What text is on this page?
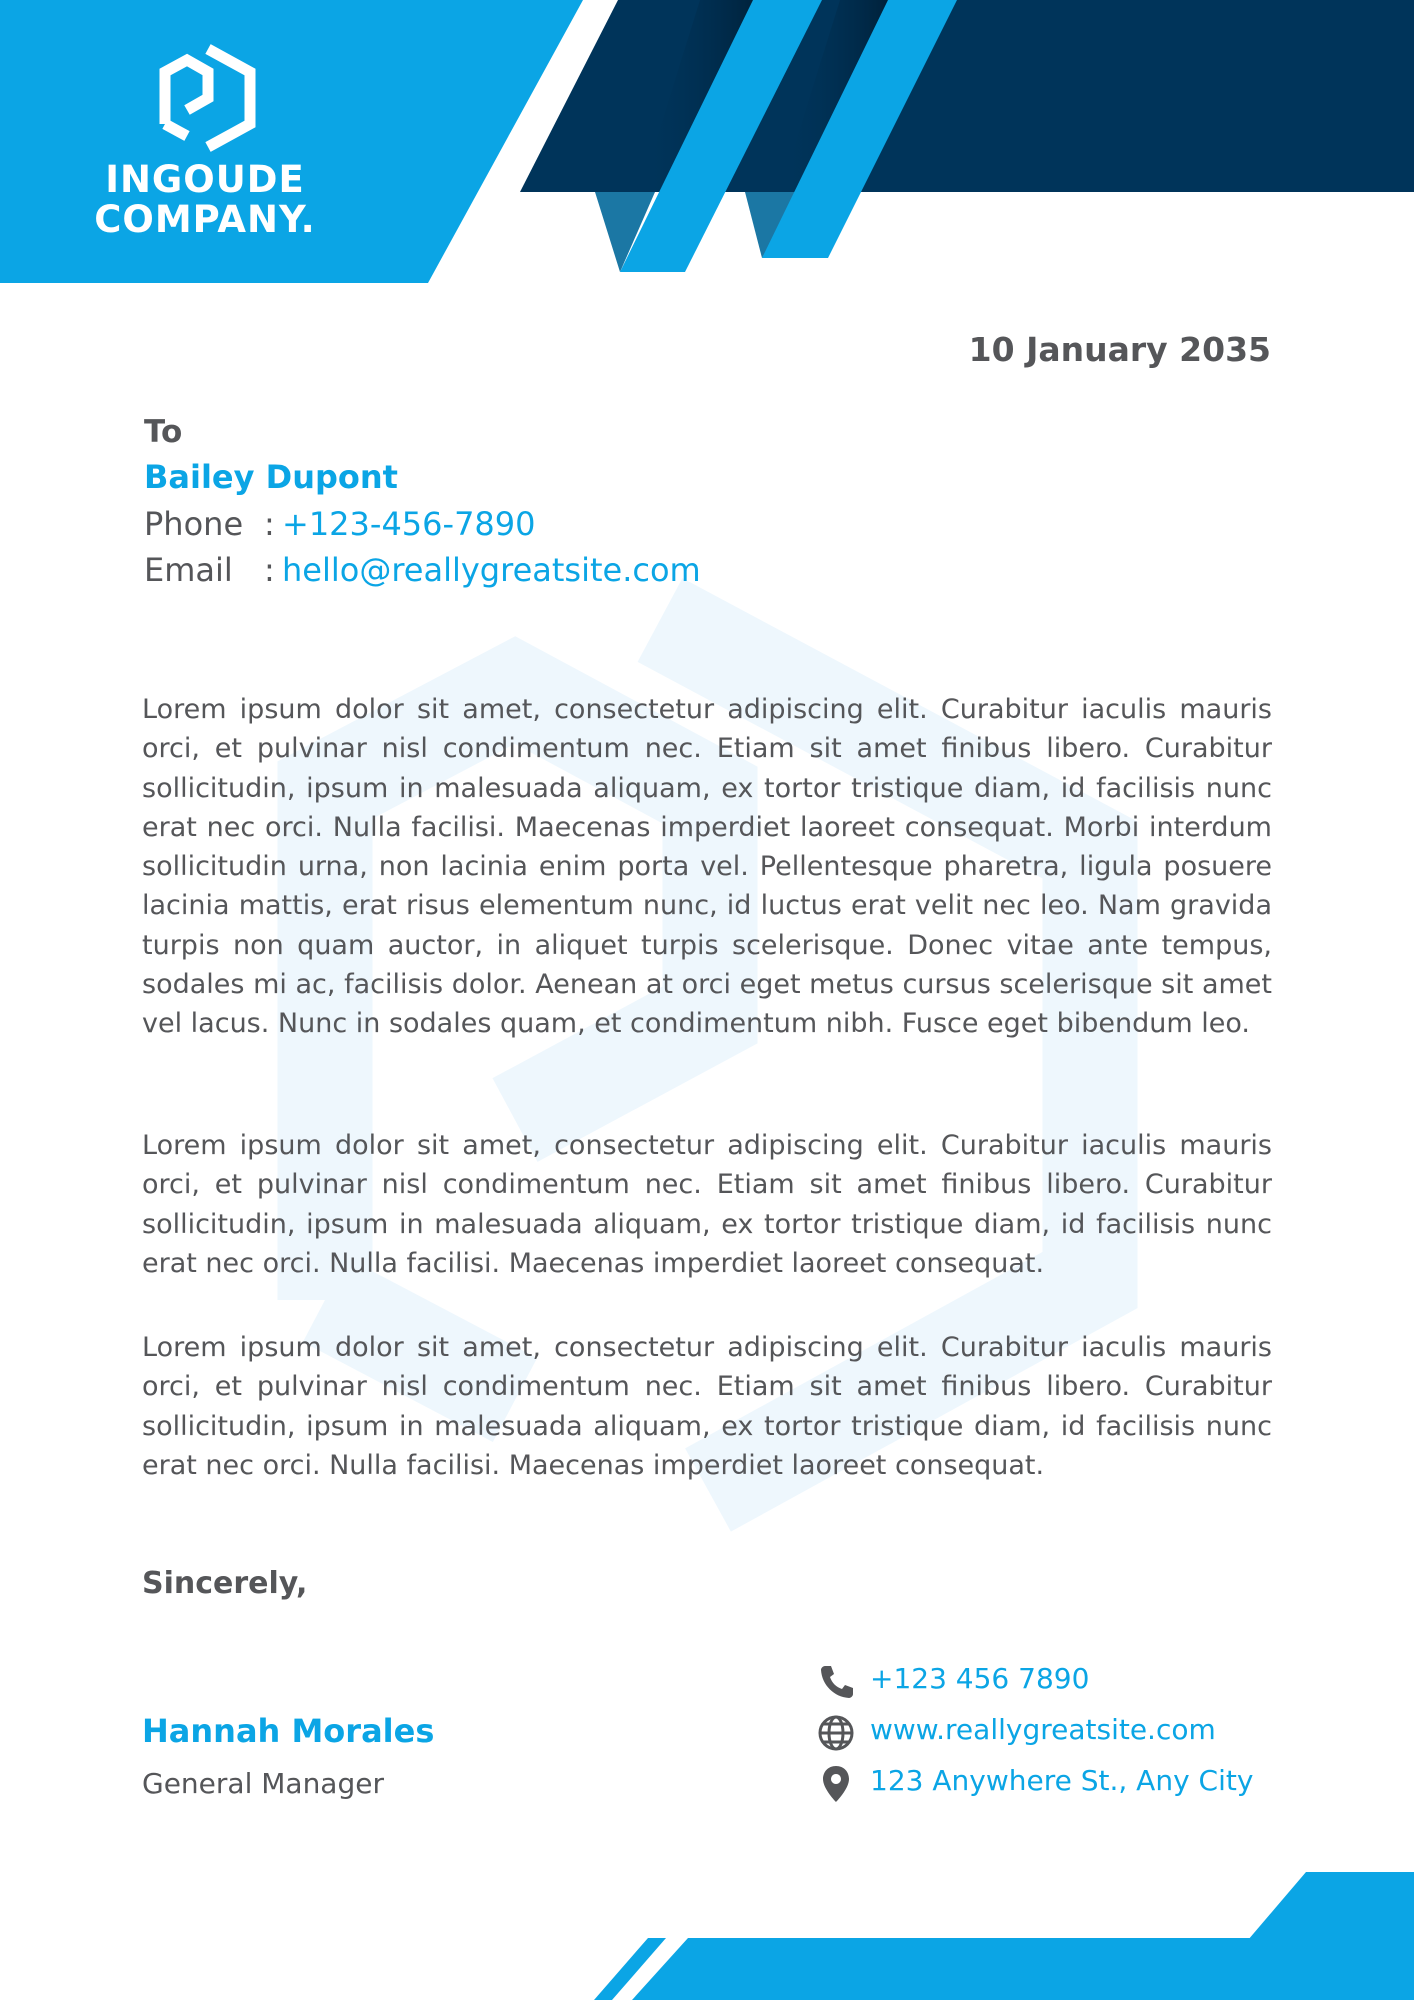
INGOUDE
COMPANY.
10 January 2035
To
Bailey Dupont
Phone : +123-456-7890
Email : hello@reallygreatsite.com

Lorem ipsum dolor sit amet, consectetur adipiscing elit. Curabitur iaculis mauris orci, et pulvinar nisl condimentum nec. Etiam sit amet finibus libero. Curabitur sollicitudin, ipsum in malesuada aliquam, ex tortor tristique diam, id facilisis nunc erat nec orci. Nulla facilisi. Maecenas imperdiet laoreet consequat. Morbi interdum sollicitudin urna, non lacinia enim porta vel. Pellentesque pharetra, ligula posuere lacinia mattis, erat risus elementum nunc, id luctus erat velit nec leo. Nam gravida turpis non quam auctor, in aliquet turpis scelerisque. Donec vitae ante tempus, sodales mi ac, facilisis dolor. Aenean at orci eget metus cursus scelerisque sit amet vel lacus. Nunc in sodales quam, et condimentum nibh. Fusce eget bibendum leo.

Lorem ipsum dolor sit amet, consectetur adipiscing elit. Curabitur iaculis mauris orci, et pulvinar nisl condimentum nec. Etiam sit amet finibus libero. Curabitur sollicitudin, ipsum in malesuada aliquam, ex tortor tristique diam, id facilisis nunc erat nec orci. Nulla facilisi. Maecenas imperdiet laoreet consequat.

Lorem ipsum dolor sit amet, consectetur adipiscing elit. Curabitur iaculis mauris orci, et pulvinar nisl condimentum nec. Etiam sit amet finibus libero. Curabitur sollicitudin, ipsum in malesuada aliquam, ex tortor tristique diam, id facilisis nunc erat nec orci. Nulla facilisi. Maecenas imperdiet laoreet consequat.

Sincerely,
Hannah Morales
General Manager
+123 456 7890
www.reallygreatsite.com
123 Anywhere St., Any City
